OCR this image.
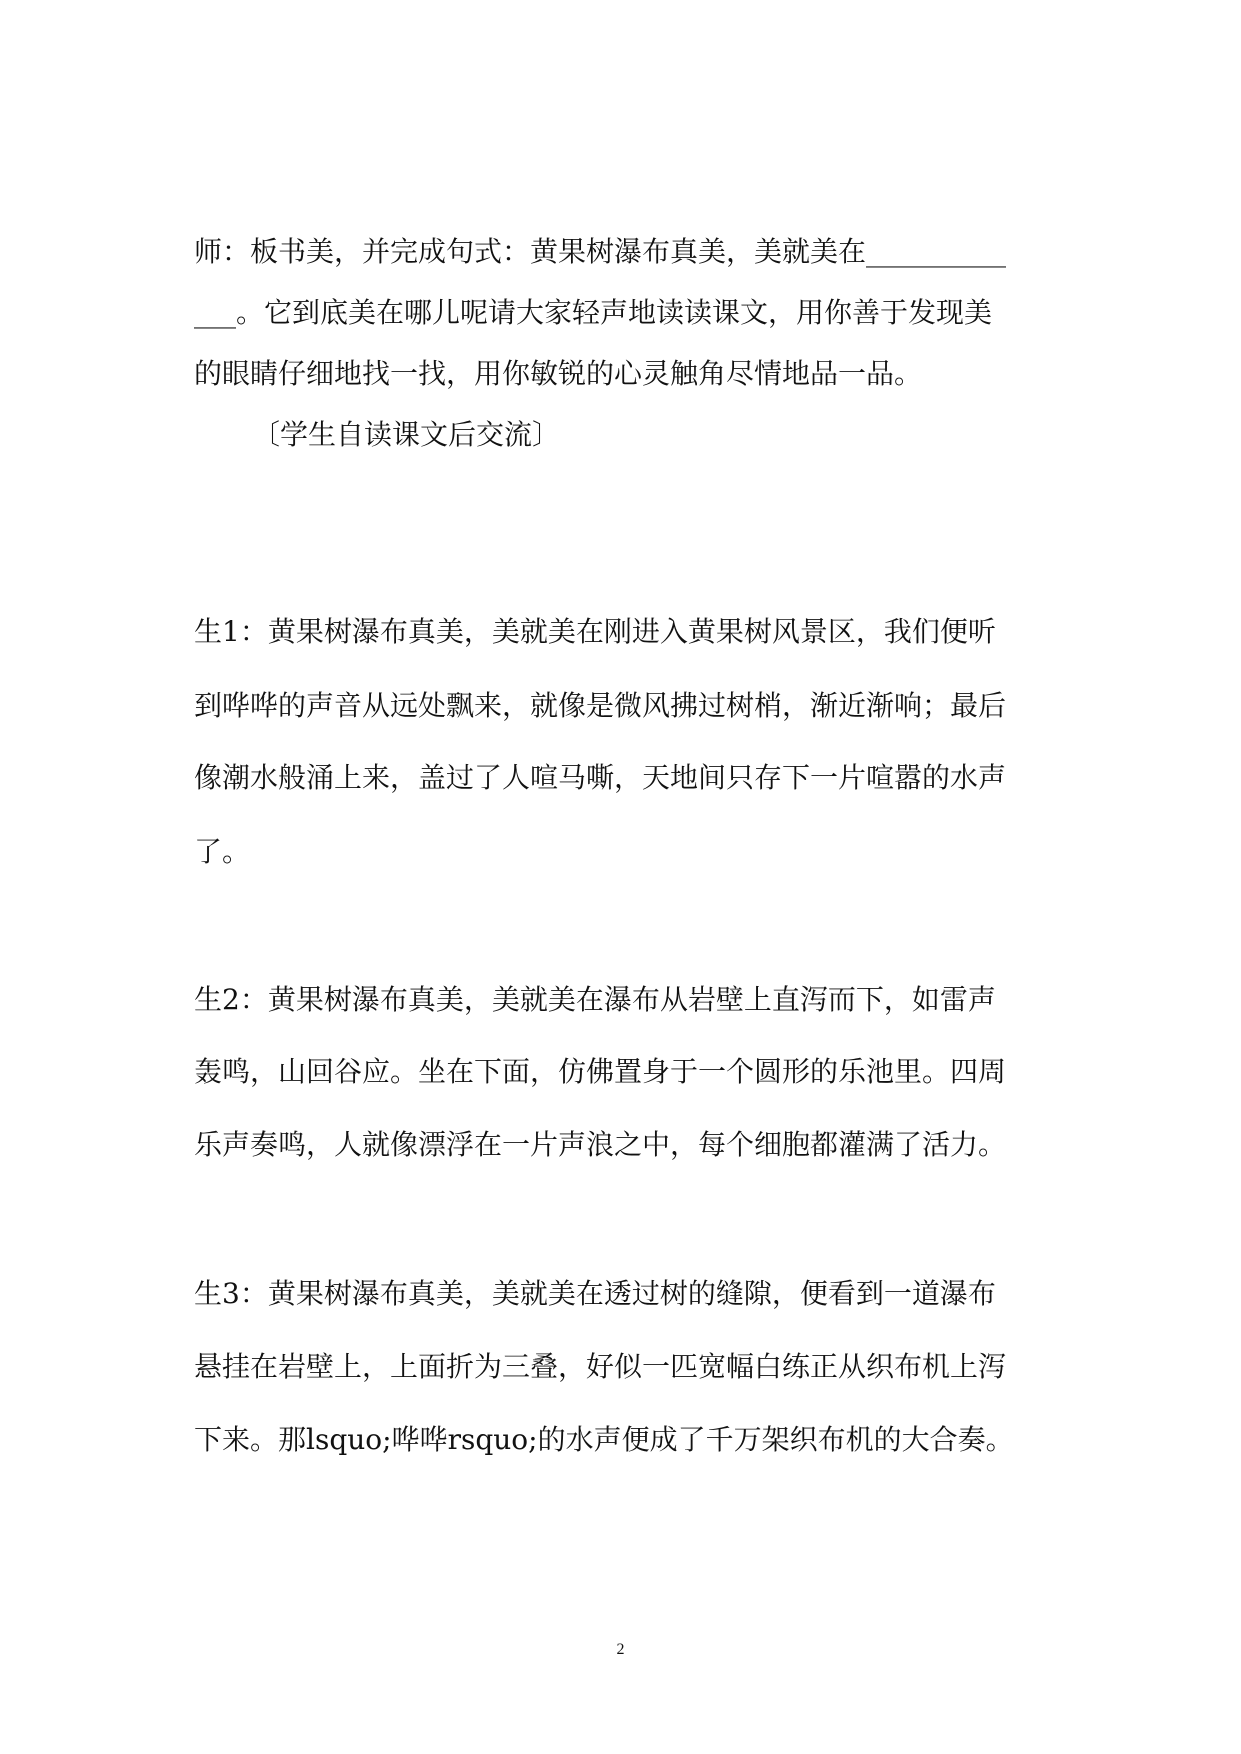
师：板书美，并完成句式：黄果树瀑布真美，美就美在__________
___。它到底美在哪儿呢请大家轻声地读读课文，用你善于发现美
的眼睛仔细地找一找，用你敏锐的心灵触角尽情地品一品。
〔学生自读课文后交流〕
生1：黄果树瀑布真美，美就美在刚进入黄果树风景区，我们便听
到哗哗的声音从远处飘来，就像是微风拂过树梢，渐近渐响；最后
像潮水般涌上来，盖过了人喧马嘶，天地间只存下一片喧嚣的水声
了。
生2：黄果树瀑布真美，美就美在瀑布从岩壁上直泻而下，如雷声
轰鸣，山回谷应。坐在下面，仿佛置身于一个圆形的乐池里。四周
乐声奏鸣，人就像漂浮在一片声浪之中，每个细胞都灌满了活力。
生3：黄果树瀑布真美，美就美在透过树的缝隙，便看到一道瀑布
悬挂在岩壁上，上面折为三叠，好似一匹宽幅白练正从织布机上泻
下来。那lsquo;哗哗rsquo;的水声便成了千万架织布机的大合奏。
2
